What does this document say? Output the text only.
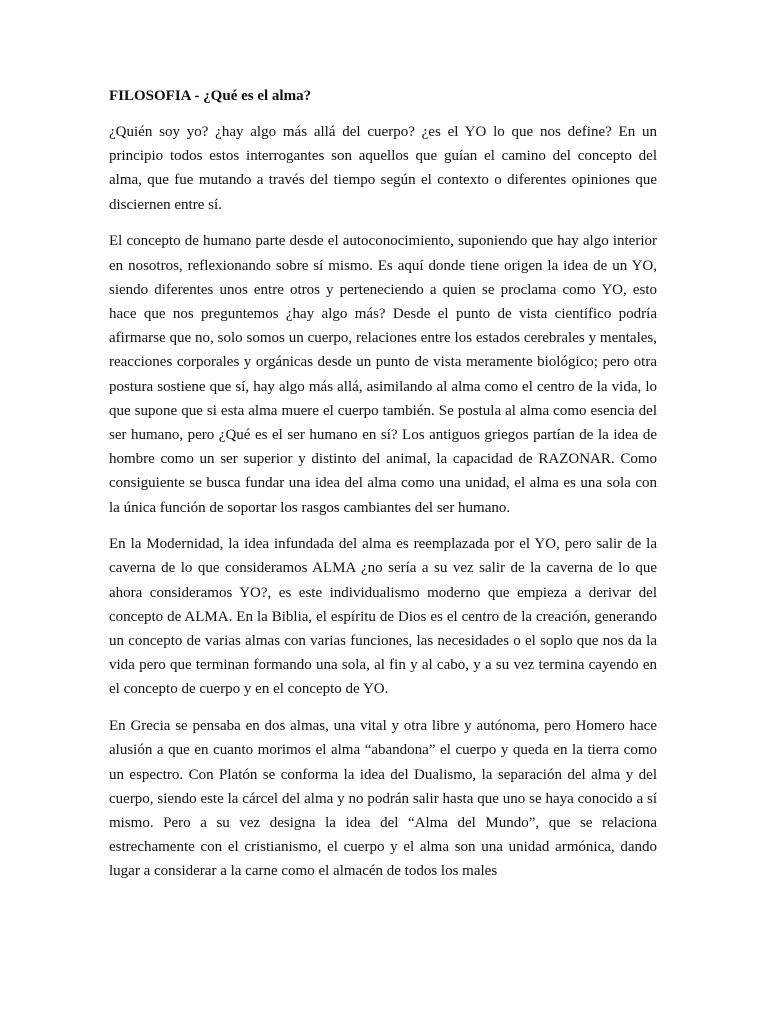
FILOSOFIA - ¿Qué es el alma?

¿Quién soy yo? ¿hay algo más allá del cuerpo? ¿es el YO lo que nos define? En un principio todos estos interrogantes son aquellos que guían el camino del concepto del alma, que fue mutando a través del tiempo según el contexto o diferentes opiniones que disciernen entre sí.

El concepto de humano parte desde el autoconocimiento, suponiendo que hay algo interior en nosotros, reflexionando sobre sí mismo. Es aquí donde tiene origen la idea de un YO, siendo diferentes unos entre otros y perteneciendo a quien se proclama como YO, esto hace que nos preguntemos ¿hay algo más? Desde el punto de vista científico podría afirmarse que no, solo somos un cuerpo, relaciones entre los estados cerebrales y mentales, reacciones corporales y orgánicas desde un punto de vista meramente biológico; pero otra postura sostiene que sí, hay algo más allá, asimilando al alma como el centro de la vida, lo que supone que si esta alma muere el cuerpo también. Se postula al alma como esencia del ser humano, pero ¿Qué es el ser humano en sí? Los antiguos griegos partían de la idea de hombre como un ser superior y distinto del animal, la capacidad de RAZONAR. Como consiguiente se busca fundar una idea del alma como una unidad, el alma es una sola con la única función de soportar los rasgos cambiantes del ser humano.

En la Modernidad, la idea infundada del alma es reemplazada por el YO, pero salir de la caverna de lo que consideramos ALMA ¿no sería a su vez salir de la caverna de lo que ahora consideramos YO?, es este individualismo moderno que empieza a derivar del concepto de ALMA. En la Biblia, el espíritu de Dios es el centro de la creación, generando un concepto de varias almas con varias funciones, las necesidades o el soplo que nos da la vida pero que terminan formando una sola, al fin y al cabo, y a su vez termina cayendo en el concepto de cuerpo y en el concepto de YO.

En Grecia se pensaba en dos almas, una vital y otra libre y autónoma, pero Homero hace alusión a que en cuanto morimos el alma “abandona” el cuerpo y queda en la tierra como un espectro. Con Platón se conforma la idea del Dualismo, la separación del alma y del cuerpo, siendo este la cárcel del alma y no podrán salir hasta que uno se haya conocido a sí mismo. Pero a su vez designa la idea del “Alma del Mundo”, que se relaciona estrechamente con el cristianismo, el cuerpo y el alma son una unidad armónica, dando lugar a considerar a la carne como el almacén de todos los males
